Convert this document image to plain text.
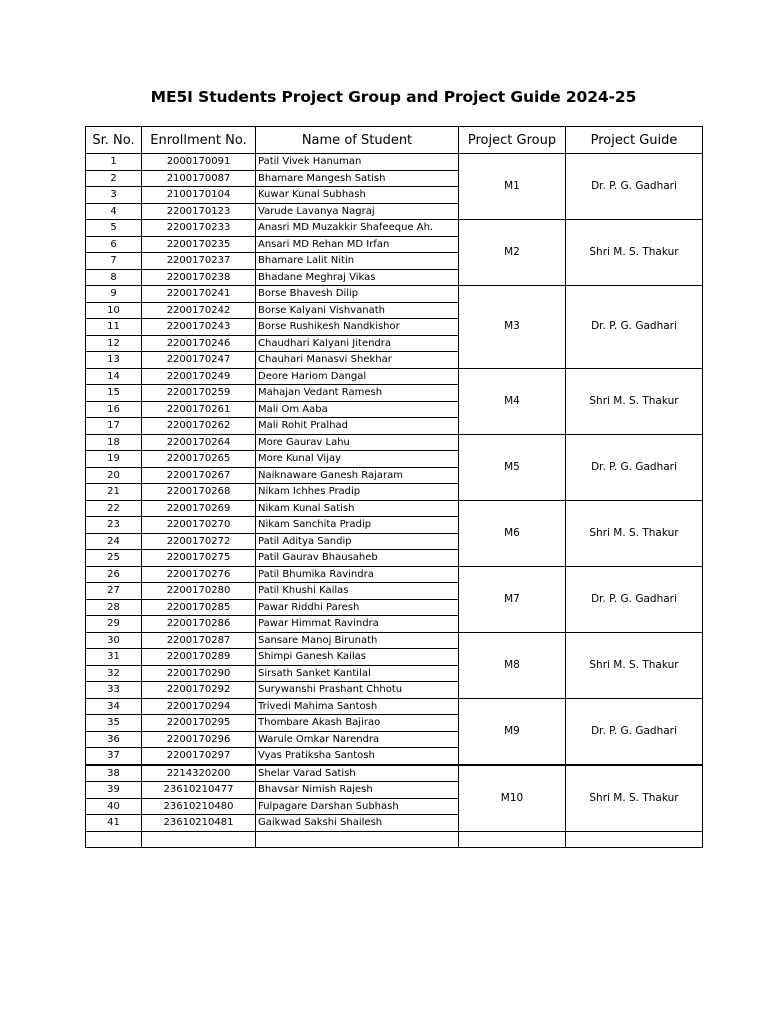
ME5I Students Project Group and Project Guide 2024-25
Sr. No.	Enrollment No.	Name of Student	Project Group	Project Guide
1	2000170091	Patil Vivek Hanuman	M1	Dr. P. G. Gadhari
2	2100170087	Bhamare Mangesh Satish		
3	2100170104	Kuwar Kunal Subhash		
4	2200170123	Varude Lavanya Nagraj		
5	2200170233	Anasri MD Muzakkir Shafeeque Ah.	M2	Shri M. S. Thakur
6	2200170235	Ansari MD Rehan MD Irfan		
7	2200170237	Bhamare Lalit Nitin		
8	2200170238	Bhadane Meghraj Vikas		
9	2200170241	Borse Bhavesh Dilip	M3	Dr. P. G. Gadhari
10	2200170242	Borse Kalyani Vishvanath		
11	2200170243	Borse Rushikesh Nandkishor		
12	2200170246	Chaudhari Kalyani Jitendra		
13	2200170247	Chauhari Manasvi Shekhar		
14	2200170249	Deore Hariom Dangal	M4	Shri M. S. Thakur
15	2200170259	Mahajan Vedant Ramesh		
16	2200170261	Mali Om Aaba		
17	2200170262	Mali Rohit Pralhad		
18	2200170264	More Gaurav Lahu	M5	Dr. P. G. Gadhari
19	2200170265	More Kunal Vijay		
20	2200170267	Naiknaware Ganesh Rajaram		
21	2200170268	Nikam Ichhes Pradip		
22	2200170269	Nikam Kunal Satish	M6	Shri M. S. Thakur
23	2200170270	Nikam Sanchita Pradip		
24	2200170272	Patil Aditya Sandip		
25	2200170275	Patil Gaurav Bhausaheb		
26	2200170276	Patil Bhumika Ravindra	M7	Dr. P. G. Gadhari
27	2200170280	Patil Khushi Kailas		
28	2200170285	Pawar Riddhi Paresh		
29	2200170286	Pawar Himmat Ravindra		
30	2200170287	Sansare Manoj Birunath	M8	Shri M. S. Thakur
31	2200170289	Shimpi Ganesh Kailas		
32	2200170290	Sirsath Sanket Kantilal		
33	2200170292	Surywanshi Prashant Chhotu		
34	2200170294	Trivedi Mahima Santosh	M9	Dr. P. G. Gadhari
35	2200170295	Thombare Akash Bajirao		
36	2200170296	Warule Omkar Narendra		
37	2200170297	Vyas Pratiksha Santosh		
38	2214320200	Shelar Varad Satish	M10	Shri M. S. Thakur
39	23610210477	Bhavsar Nimish Rajesh		
40	23610210480	Fulpagare Darshan Subhash		
41	23610210481	Gaikwad Sakshi Shailesh		
